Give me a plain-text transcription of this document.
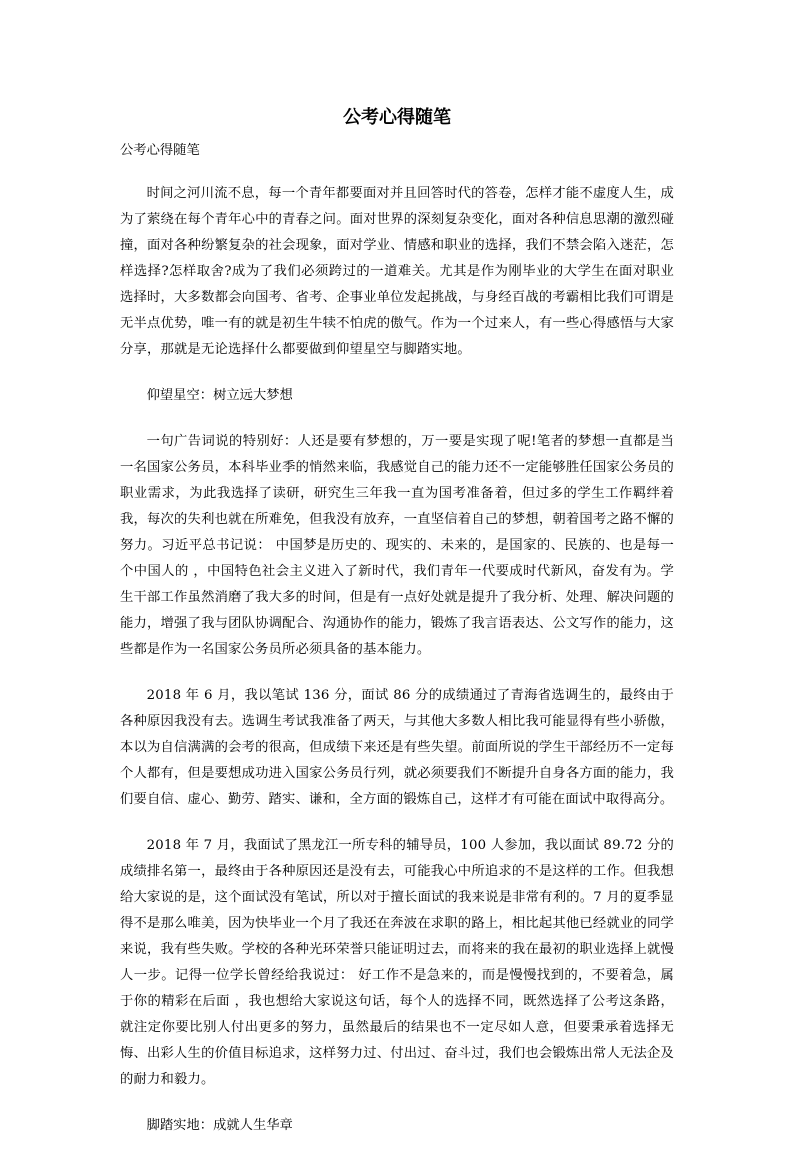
公考心得随笔

公考心得随笔

时间之河川流不息，每一个青年都要面对并且回答时代的答卷，怎样才能不虚度人生，成为了萦绕在每个青年心中的青春之问。面对世界的深刻复杂变化，面对各种信息思潮的激烈碰撞，面对各种纷繁复杂的社会现象，面对学业、情感和职业的选择，我们不禁会陷入迷茫，怎样选择?怎样取舍?成为了我们必须跨过的一道难关。尤其是作为刚毕业的大学生在面对职业选择时，大多数都会向国考、省考、企事业单位发起挑战，与身经百战的考霸相比我们可谓是无半点优势，唯一有的就是初生牛犊不怕虎的傲气。作为一个过来人，有一些心得感悟与大家分享，那就是无论选择什么都要做到仰望星空与脚踏实地。

仰望星空：树立远大梦想

一句广告词说的特别好：人还是要有梦想的，万一要是实现了呢!笔者的梦想一直都是当一名国家公务员，本科毕业季的悄然来临，我感觉自己的能力还不一定能够胜任国家公务员的职业需求，为此我选择了读研，研究生三年我一直为国考准备着，但过多的学生工作羁绊着我，每次的失利也就在所难免，但我没有放弃，一直坚信着自己的梦想，朝着国考之路不懈的努力。习近平总书记说： 中国梦是历史的、现实的、未来的，是国家的、民族的、也是每一个中国人的 ，中国特色社会主义进入了新时代，我们青年一代要成时代新风，奋发有为。学生干部工作虽然消磨了我大多的时间，但是有一点好处就是提升了我分析、处理、解决问题的能力，增强了我与团队协调配合、沟通协作的能力，锻炼了我言语表达、公文写作的能力，这些都是作为一名国家公务员所必须具备的基本能力。

2018 年 6 月，我以笔试 136 分，面试 86 分的成绩通过了青海省选调生的，最终由于各种原因我没有去。选调生考试我准备了两天，与其他大多数人相比我可能显得有些小骄傲，本以为自信满满的会考的很高，但成绩下来还是有些失望。前面所说的学生干部经历不一定每个人都有，但是要想成功进入国家公务员行列，就必须要我们不断提升自身各方面的能力，我们要自信、虚心、勤劳、踏实、谦和，全方面的锻炼自己，这样才有可能在面试中取得高分。

2018 年 7 月，我面试了黑龙江一所专科的辅导员，100 人参加，我以面试 89.72 分的成绩排名第一，最终由于各种原因还是没有去，可能我心中所追求的不是这样的工作。但我想给大家说的是，这个面试没有笔试，所以对于擅长面试的我来说是非常有利的。7 月的夏季显得不是那么唯美，因为快毕业一个月了我还在奔波在求职的路上，相比起其他已经就业的同学来说，我有些失败。学校的各种光环荣誉只能证明过去，而将来的我在最初的职业选择上就慢人一步。记得一位学长曾经给我说过： 好工作不是急来的，而是慢慢找到的，不要着急，属于你的精彩在后面 ，我也想给大家说这句话，每个人的选择不同，既然选择了公考这条路，就注定你要比别人付出更多的努力，虽然最后的结果也不一定尽如人意，但要秉承着选择无悔、出彩人生的价值目标追求，这样努力过、付出过、奋斗过，我们也会锻炼出常人无法企及的耐力和毅力。

脚踏实地：成就人生华章
